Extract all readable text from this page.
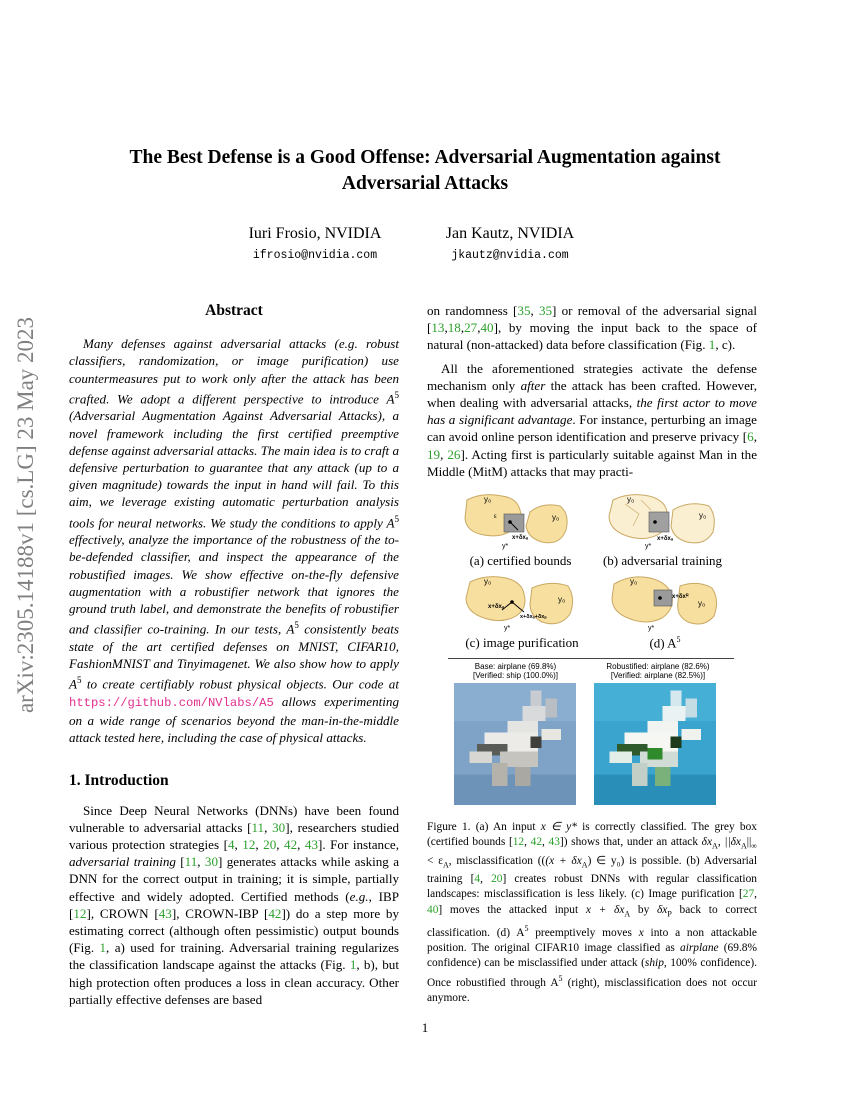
arXiv:2305.14188v1 [cs.LG] 23 May 2023
The Best Defense is a Good Offense: Adversarial Augmentation against
Adversarial Attacks
Iuri Frosio, NVIDIA
ifrosio@nvidia.com
Jan Kautz, NVIDIA
jkautz@nvidia.com
Abstract

Many defenses against adversarial attacks (e.g. robust classifiers, randomization, or image purification) use countermeasures put to work only after the attack has been crafted. We adopt a different perspective to introduce $A^5$ (Adversarial Augmentation Against Adversarial Attacks), a novel framework including the first certified preemptive defense against adversarial attacks. The main idea is to craft a defensive perturbation to guarantee that any attack (up to a given magnitude) towards the input in hand will fail. To this aim, we leverage existing automatic perturbation analysis tools for neural networks. We study the conditions to apply $A^5$ effectively, analyze the importance of the robustness of the to-be-defended classifier, and inspect the appearance of the robustified images. We show effective on-the-fly defensive augmentation with a robustifier network that ignores the ground truth label, and demonstrate the benefits of robustifier and classifier co-training. In our tests, $A^5$ consistently beats state of the art certified defenses on MNIST, CIFAR10, FashionMNIST and Tinyimagenet. We also show how to apply $A^5$ to create certifiably robust physical objects. Our code at https://github.com/NVlabs/A5 allows experimenting on a wide range of scenarios beyond the man-in-the-middle attack tested here, including the case of physical attacks.

1. Introduction

Since Deep Neural Networks (DNNs) have been found vulnerable to adversarial attacks [11, 30], researchers studied various protection strategies [4, 12, 20, 42, 43]. For instance, adversarial training [11, 30] generates attacks while asking a DNN for the correct output in training; it is simple, partially effective and widely adopted. Certified methods (e.g., IBP [12], CROWN [43], CROWN-IBP [42]) do a step more by estimating correct (although often pessimistic) output bounds (Fig. 1, a) used for training. Adversarial training regularizes the classification landscape against the attacks (Fig. 1, b), but high protection often produces a loss in clean accuracy. Other partially effective defenses are based

on randomness [35, 35] or removal of the adversarial signal [13,18,27,40], by moving the input back to the space of natural (non-attacked) data before classification (Fig. 1, c).

All the aforementioned strategies activate the defense mechanism only after the attack has been crafted. However, when dealing with adversarial attacks, the first actor to move has a significant advantage. For instance, perturbing an image can avoid online person identification and preserve privacy [6, 19, 26]. Acting first is particularly suitable against Man in the Middle (MitM) attacks that may practi-

y₀
y₀
y*
ε
x+δxₐ
y₀
y₀
y*
x+δxₐ
y₀
y₀
y*
x+δxₐ
x+δxₐ+δxₚ
y₀
y₀
y*
x+δxᴿ
(a) certified bounds	(b) adversarial training
(c) image purification	(d) $A^5$
Base: airplane (69.8%)
[Verified: ship (100.0%)]
Robustified: airplane (82.6%)
[Verified: airplane (82.5%)]
Figure 1. (a) An input x ∈ y* is correctly classified. The grey box (certified bounds [12, 42, 43]) shows that, under an attack $\delta x_A$, $||\delta x_A||_\infty < \varepsilon_A$, misclassification (($(x + \delta x_A)$ ∈ y₀) is possible. (b) Adversarial training [4, 20] creates robust DNNs with regular classification landscapes: misclassification is less likely. (c) Image purification [27, 40] moves the attacked input $x + \delta x_A$ by $\delta x_P$ back to correct classification. (d) $A^5$ preemptively moves x into a non attackable position. The original CIFAR10 image classified as airplane (69.8% confidence) can be misclassified under attack (ship, 100% confidence). Once robustified through $A^5$ (right), misclassification does not occur anymore.
1
